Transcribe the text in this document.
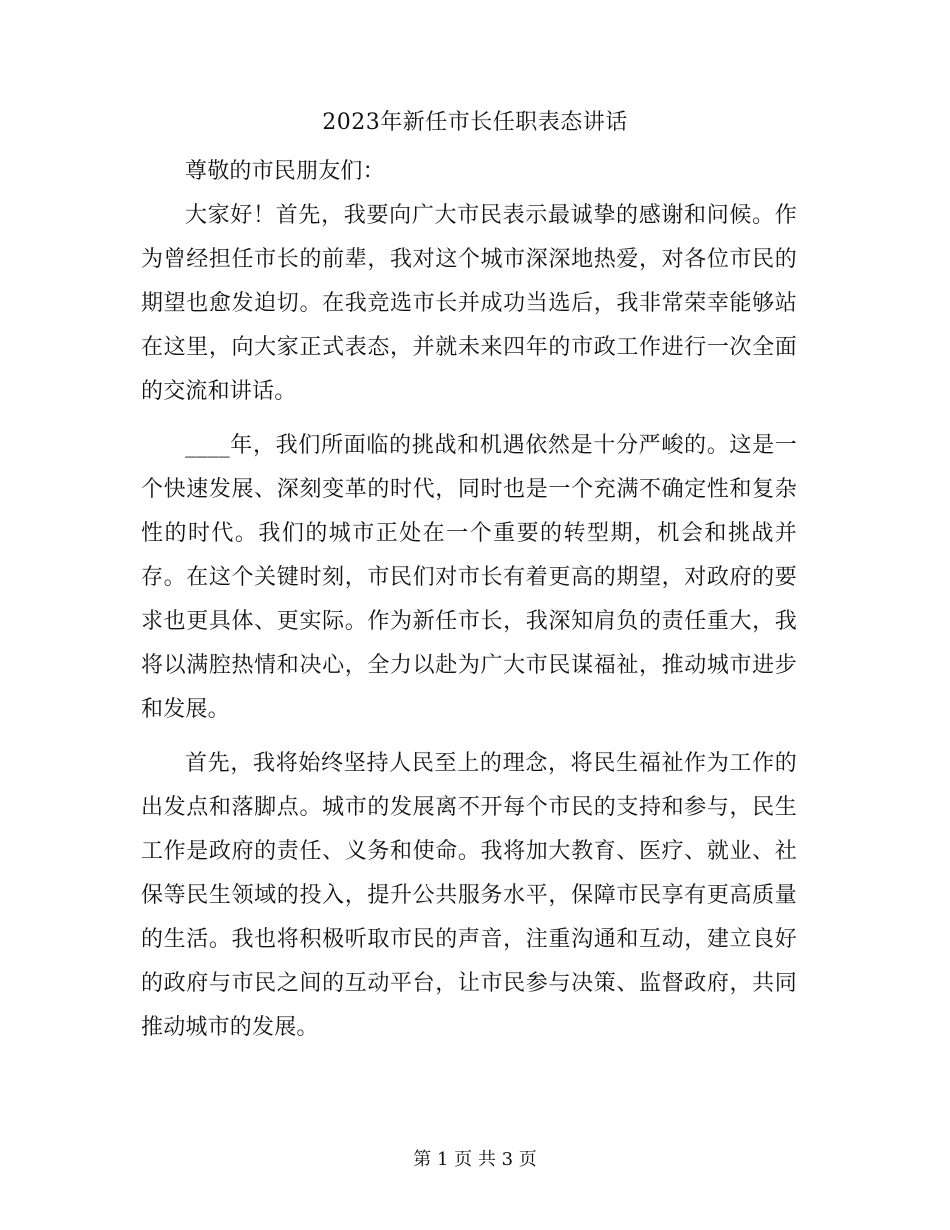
2023年新任市长任职表态讲话

尊敬的市民朋友们：

大家好！首先，我要向广大市民表示最诚挚的感谢和问候。作为曾经担任市长的前辈，我对这个城市深深地热爱，对各位市民的期望也愈发迫切。在我竞选市长并成功当选后，我非常荣幸能够站在这里，向大家正式表态，并就未来四年的市政工作进行一次全面的交流和讲话。

____年，我们所面临的挑战和机遇依然是十分严峻的。这是一个快速发展、深刻变革的时代，同时也是一个充满不确定性和复杂性的时代。我们的城市正处在一个重要的转型期，机会和挑战并存。在这个关键时刻，市民们对市长有着更高的期望，对政府的要求也更具体、更实际。作为新任市长，我深知肩负的责任重大，我将以满腔热情和决心，全力以赴为广大市民谋福祉，推动城市进步和发展。

首先，我将始终坚持人民至上的理念，将民生福祉作为工作的出发点和落脚点。城市的发展离不开每个市民的支持和参与，民生工作是政府的责任、义务和使命。我将加大教育、医疗、就业、社保等民生领域的投入，提升公共服务水平，保障市民享有更高质量的生活。我也将积极听取市民的声音，注重沟通和互动，建立良好的政府与市民之间的互动平台，让市民参与决策、监督政府，共同推动城市的发展。

第 1 页 共 3 页
